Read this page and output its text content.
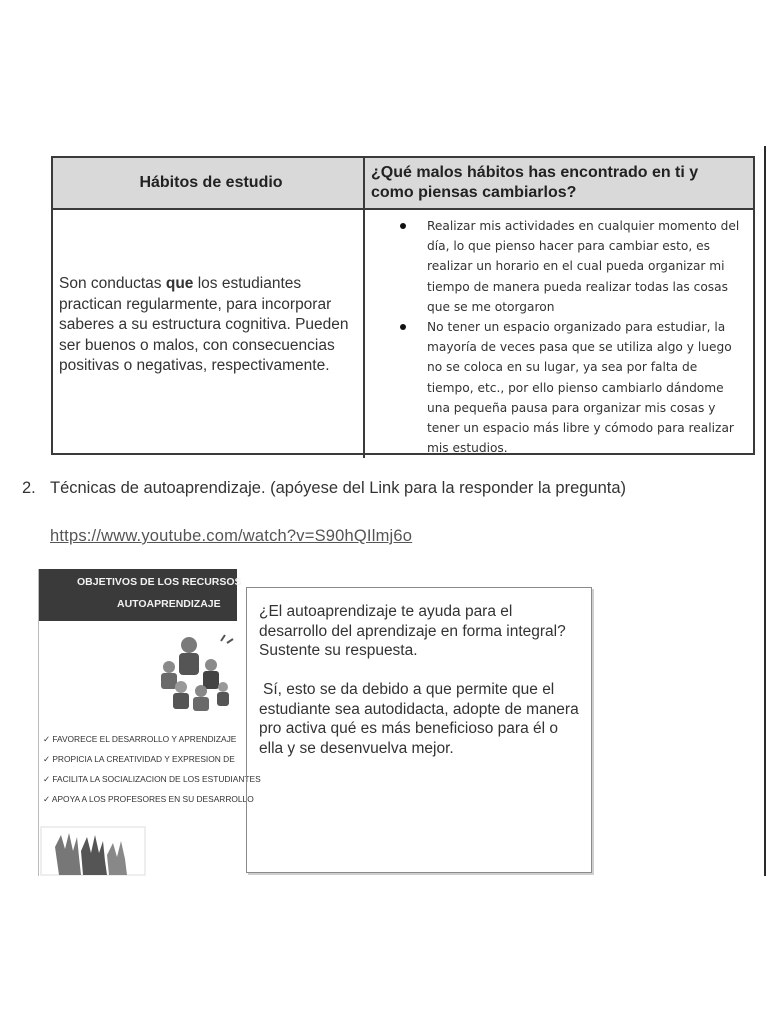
Hábitos de estudio
¿Qué malos hábitos has encontrado en ti y como piensas cambiarlos?
Son conductas que los estudiantes practican regularmente, para incorporar saberes a su estructura cognitiva. Pueden ser buenos o malos, con consecuencias positivas o negativas, respectivamente.
Realizar mis actividades en cualquier momento del día, lo que pienso hacer para cambiar esto, es realizar un horario en el cual pueda organizar mi tiempo de manera pueda realizar todas las cosas que se me otorgaron
No tener un espacio organizado para estudiar, la mayoría de veces pasa que se utiliza algo y luego no se coloca en su lugar, ya sea por falta de tiempo, etc., por ello pienso cambiarlo dándome una pequeña pausa para organizar mis cosas y tener un espacio más libre y cómodo para realizar mis estudios.
2. Técnicas de autoaprendizaje. (apóyese del Link para la responder la pregunta)
https://www.youtube.com/watch?v=S90hQIlmj6o
OBJETIVOS DE LOS RECURSOS
AUTOAPRENDIZAJE
✓ FAVORECE EL DESARROLLO Y APRENDIZAJE
✓ PROPICIA LA CREATIVIDAD Y EXPRESION DE
✓ FACILITA LA SOCIALIZACION DE LOS ESTUDIANTES
✓ APOYA A LOS PROFESORES EN SU DESARROLLO
¿El autoaprendizaje te ayuda para el desarrollo del aprendizaje en forma integral? Sustente su respuesta.
Sí, esto se da debido a que permite que el estudiante sea autodidacta, adopte de manera pro activa qué es más beneficioso para él o ella y se desenvuelva mejor.
